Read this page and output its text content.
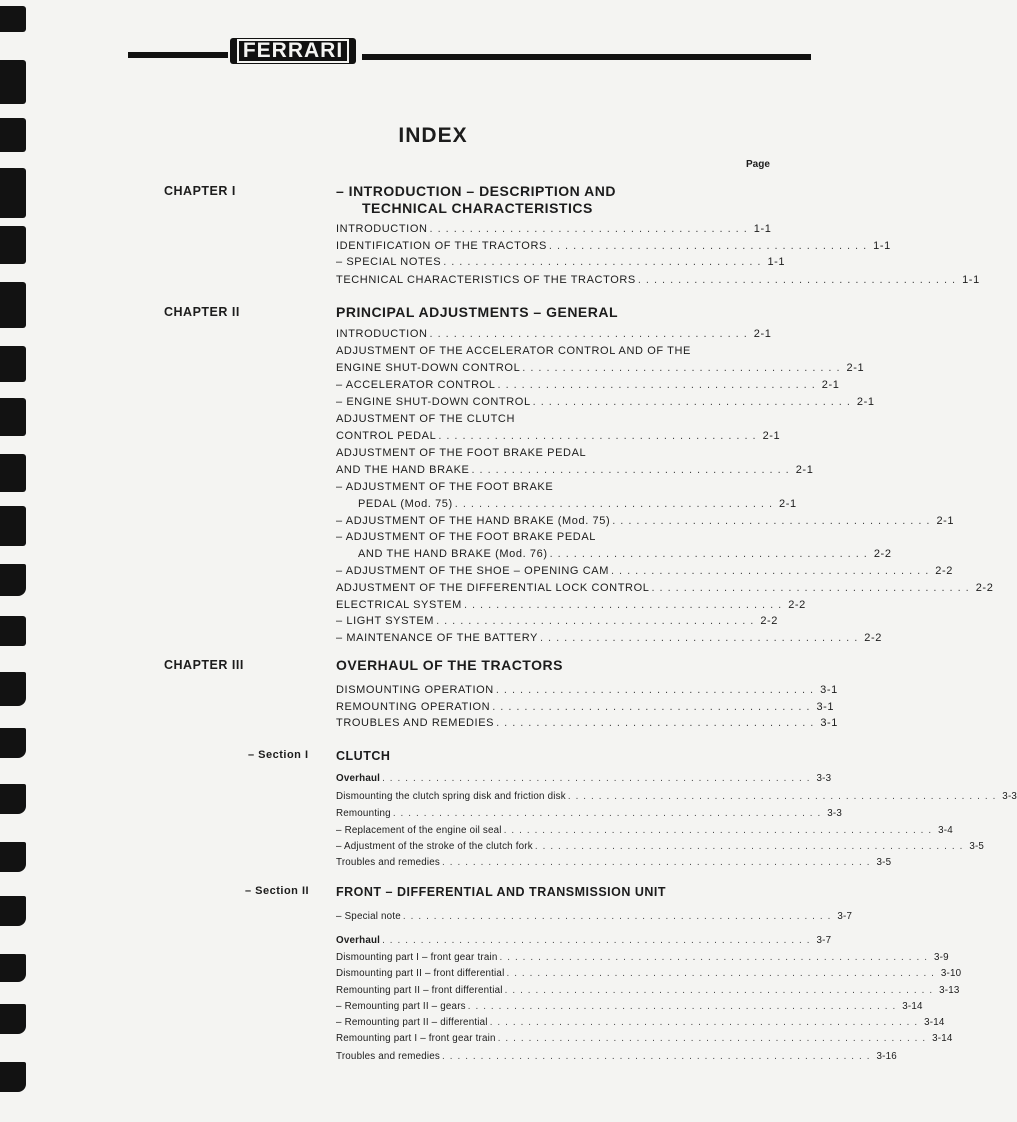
FERRARI
INDEX
Page
CHAPTER I	– INTRODUCTION – DESCRIPTION AND
TECHNICAL CHARACTERISTICS
INTRODUCTION ........................................ 1-1
IDENTIFICATION OF THE TRACTORS ........................................ 1-1
– SPECIAL NOTES ........................................ 1-1
TECHNICAL CHARACTERISTICS OF THE TRACTORS ........................................ 1-1
CHAPTER II	PRINCIPAL ADJUSTMENTS – GENERAL
INTRODUCTION ........................................ 2-1
ADJUSTMENT OF THE ACCELERATOR CONTROL AND OF THE
ENGINE SHUT-DOWN CONTROL ........................................ 2-1
– ACCELERATOR CONTROL ........................................ 2-1
– ENGINE SHUT-DOWN CONTROL ........................................ 2-1
ADJUSTMENT OF THE CLUTCH
CONTROL PEDAL ........................................ 2-1
ADJUSTMENT OF THE FOOT BRAKE PEDAL
AND THE HAND BRAKE ........................................ 2-1
– ADJUSTMENT OF THE FOOT BRAKE
PEDAL (Mod. 75) ........................................ 2-1
– ADJUSTMENT OF THE HAND BRAKE (Mod. 75) ........................................ 2-1
– ADJUSTMENT OF THE FOOT BRAKE PEDAL
AND THE HAND BRAKE (Mod. 76) ........................................ 2-2
– ADJUSTMENT OF THE SHOE – OPENING CAM ........................................ 2-2
ADJUSTMENT OF THE DIFFERENTIAL LOCK CONTROL ........................................ 2-2
ELECTRICAL SYSTEM ........................................ 2-2
– LIGHT SYSTEM ........................................ 2-2
– MAINTENANCE OF THE BATTERY ........................................ 2-2
CHAPTER III	OVERHAUL OF THE TRACTORS
DISMOUNTING OPERATION ........................................ 3-1
REMOUNTING OPERATION ........................................ 3-1
TROUBLES AND REMEDIES ........................................ 3-1
– Section I CLUTCH
Overhaul ........................................................ 3-3
Dismounting the clutch spring disk and friction disk ........................................................ 3-3
Remounting ........................................................ 3-3
– Replacement of the engine oil seal ........................................................ 3-4
– Adjustment of the stroke of the clutch fork ........................................................ 3-5
Troubles and remedies ........................................................ 3-5
– Section II FRONT – DIFFERENTIAL AND TRANSMISSION UNIT
– Special note ........................................................ 3-7
Overhaul ........................................................ 3-7
Dismounting part I – front gear train ........................................................ 3-9
Dismounting part II – front differential ........................................................ 3-10
Remounting part II – front differential ........................................................ 3-13
– Remounting part II – gears ........................................................ 3-14
– Remounting part II – differential ........................................................ 3-14
Remounting part I – front gear train ........................................................ 3-14
Troubles and remedies ........................................................ 3-16
